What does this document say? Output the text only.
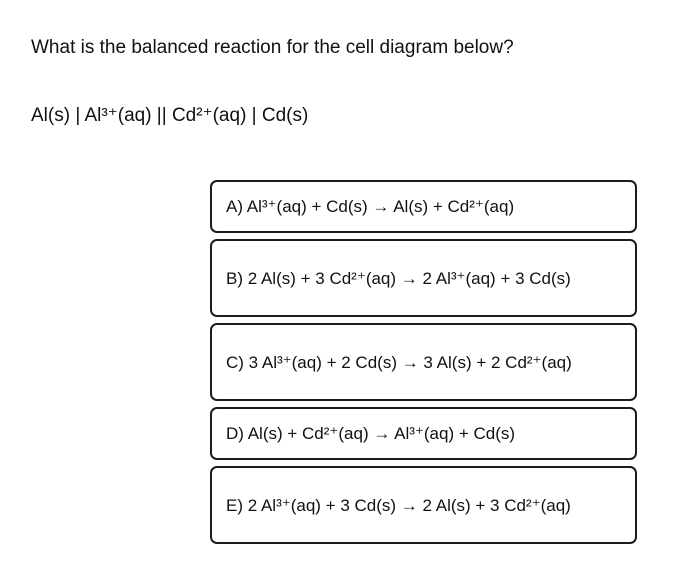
What is the balanced reaction for the cell diagram below?
Al(s) | Al³⁺(aq) || Cd²⁺(aq) | Cd(s)
A) Al³⁺(aq) + Cd(s) → Al(s) + Cd²⁺(aq)
B) 2 Al(s) + 3 Cd²⁺(aq) → 2 Al³⁺(aq) + 3 Cd(s)
C) 3 Al³⁺(aq) + 2 Cd(s) → 3 Al(s) + 2 Cd²⁺(aq)
D) Al(s) + Cd²⁺(aq) → Al³⁺(aq) + Cd(s)
E) 2 Al³⁺(aq) + 3 Cd(s) → 2 Al(s) + 3 Cd²⁺(aq)
